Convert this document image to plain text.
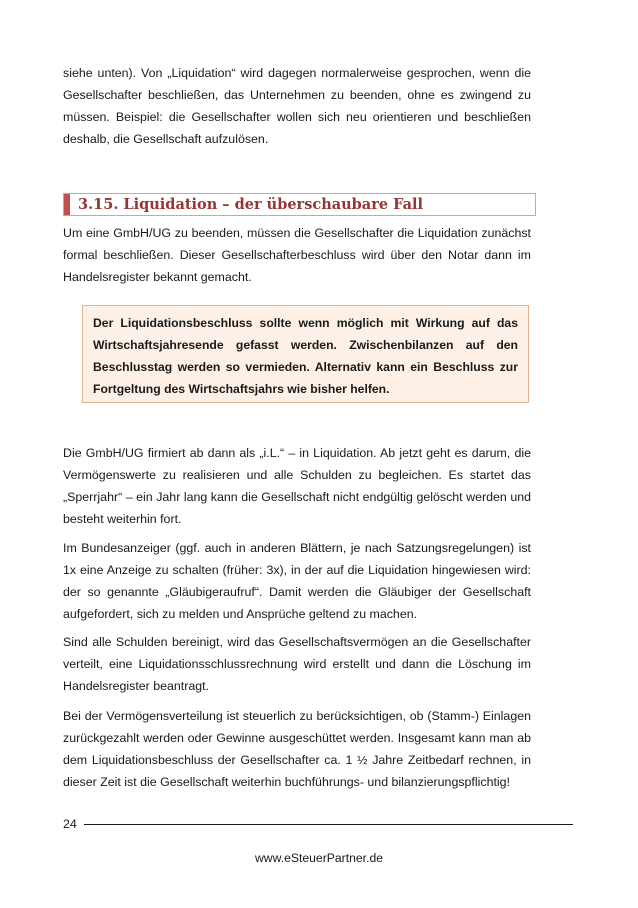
siehe unten). Von „Liquidation“ wird dagegen normalerweise gesprochen, wenn die Gesellschafter beschließen, das Unternehmen zu beenden, ohne es zwingend zu müssen. Beispiel: die Gesellschafter wollen sich neu orientieren und beschließen deshalb, die Gesellschaft aufzulösen.

3.15. Liquidation – der überschaubare Fall

Um eine GmbH/UG zu beenden, müssen die Gesellschafter die Liquidation zunächst formal beschließen. Dieser Gesellschafterbeschluss wird über den Notar dann im Handelsregister bekannt gemacht.

Der Liquidationsbeschluss sollte wenn möglich mit Wirkung auf das Wirtschaftsjahresende gefasst werden. Zwischenbilanzen auf den Beschlusstag werden so vermieden. Alternativ kann ein Beschluss zur Fortgeltung des Wirtschaftsjahrs wie bisher helfen.

Die GmbH/UG firmiert ab dann als „i.L.“ – in Liquidation. Ab jetzt geht es darum, die Vermögenswerte zu realisieren und alle Schulden zu begleichen. Es startet das „Sperrjahr“ – ein Jahr lang kann die Gesellschaft nicht endgültig gelöscht werden und besteht weiterhin fort.

Im Bundesanzeiger (ggf. auch in anderen Blättern, je nach Satzungsregelungen) ist 1x eine Anzeige zu schalten (früher: 3x), in der auf die Liquidation hingewiesen wird: der so genannte „Gläubigeraufruf“. Damit werden die Gläubiger der Gesellschaft aufgefordert, sich zu melden und Ansprüche geltend zu machen.

Sind alle Schulden bereinigt, wird das Gesellschaftsvermögen an die Gesellschafter verteilt, eine Liquidationsschlussrechnung wird erstellt und dann die Löschung im Handelsregister beantragt.

Bei der Vermögensverteilung ist steuerlich zu berücksichtigen, ob (Stamm-) Einlagen zurückgezahlt werden oder Gewinne ausgeschüttet werden. Insgesamt kann man ab dem Liquidationsbeschluss der Gesellschafter ca. 1 ½ Jahre Zeitbedarf rechnen, in dieser Zeit ist die Gesellschaft weiterhin buchführungs- und bilanzierungspflichtig!

24
www.eSteuerPartner.de
